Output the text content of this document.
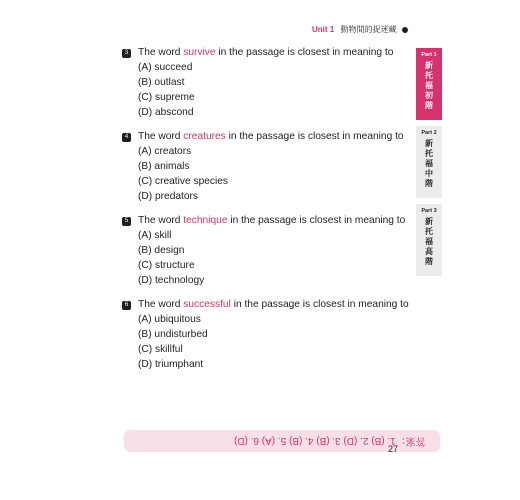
Unit 1 動物間的捉迷藏
3 The word survive in the passage is closest in meaning to
(A) succeed
(B) outlast
(C) supreme
(D) abscond
4 The word creatures in the passage is closest in meaning to
(A) creators
(B) animals
(C) creative species
(D) predators
5 The word technique in the passage is closest in meaning to
(A) skill
(B) design
(C) structure
(D) technology
6 The word successful in the passage is closest in meaning to
(A) ubiquitous
(B) undisturbed
(C) skillful
(D) triumphant
Part 1
新托福初階
Part 2
新托福中階
Part 3
新托福高階
答案：1. (B) 2. (D) 3. (B) 4. (B) 5. (A) 6. (D)
27
